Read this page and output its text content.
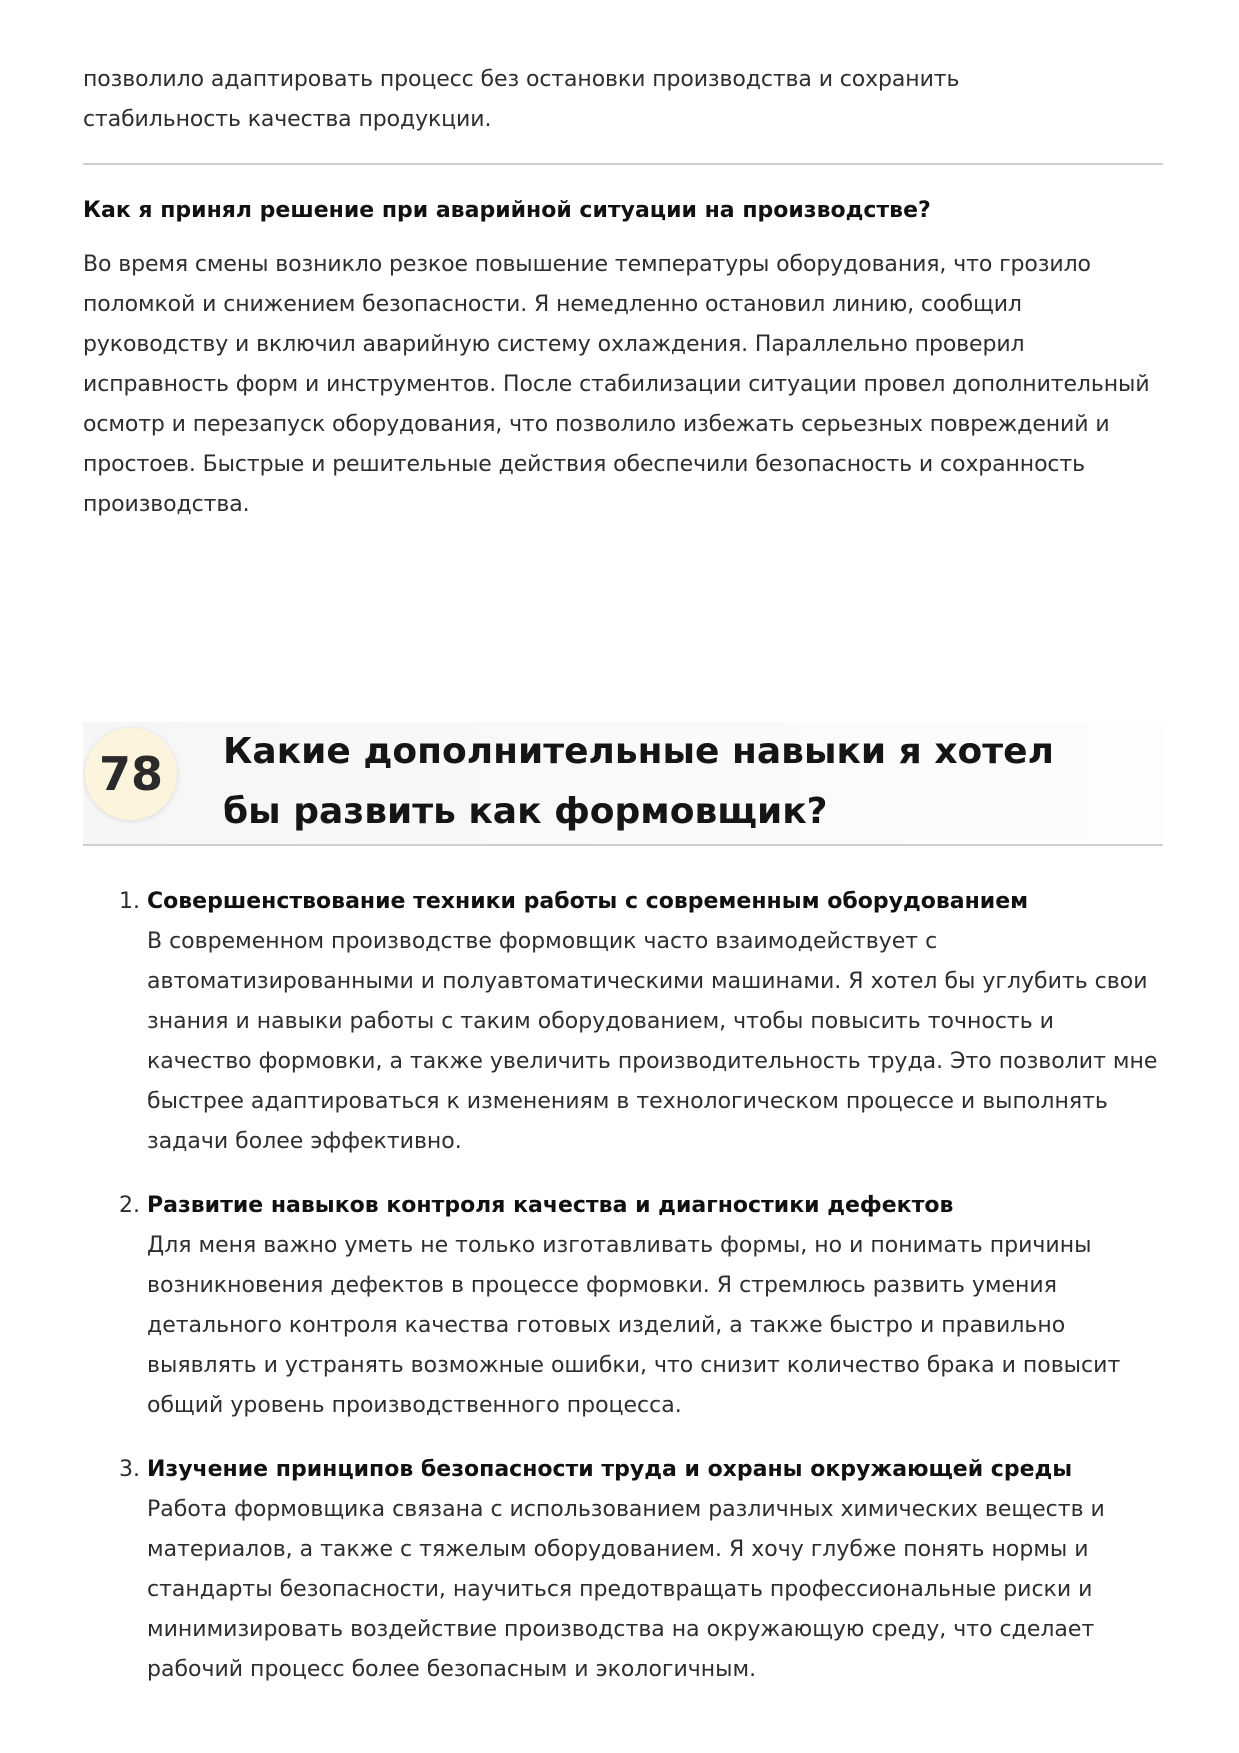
позволило адаптировать процесс без остановки производства и сохранить стабильность качества продукции.

Как я принял решение при аварийной ситуации на производстве?

Во время смены возникло резкое повышение температуры оборудования, что грозило поломкой и снижением безопасности. Я немедленно остановил линию, сообщил руководству и включил аварийную систему охлаждения. Параллельно проверил исправность форм и инструментов. После стабилизации ситуации провел дополнительный осмотр и перезапуск оборудования, что позволило избежать серьезных повреждений и простоев. Быстрые и решительные действия обеспечили безопасность и сохранность производства.

78	Какие дополнительные навыки я хотел бы развить как формовщик?
1. Совершенствование техники работы с современным оборудованием
В современном производстве формовщик часто взаимодействует с автоматизированными и полуавтоматическими машинами. Я хотел бы углубить свои знания и навыки работы с таким оборудованием, чтобы повысить точность и качество формовки, а также увеличить производительность труда. Это позволит мне быстрее адаптироваться к изменениям в технологическом процессе и выполнять задачи более эффективно.
2. Развитие навыков контроля качества и диагностики дефектов
Для меня важно уметь не только изготавливать формы, но и понимать причины возникновения дефектов в процессе формовки. Я стремлюсь развить умения детального контроля качества готовых изделий, а также быстро и правильно выявлять и устранять возможные ошибки, что снизит количество брака и повысит общий уровень производственного процесса.
3. Изучение принципов безопасности труда и охраны окружающей среды
Работа формовщика связана с использованием различных химических веществ и материалов, а также с тяжелым оборудованием. Я хочу глубже понять нормы и стандарты безопасности, научиться предотвращать профессиональные риски и минимизировать воздействие производства на окружающую среду, что сделает рабочий процесс более безопасным и экологичным.
